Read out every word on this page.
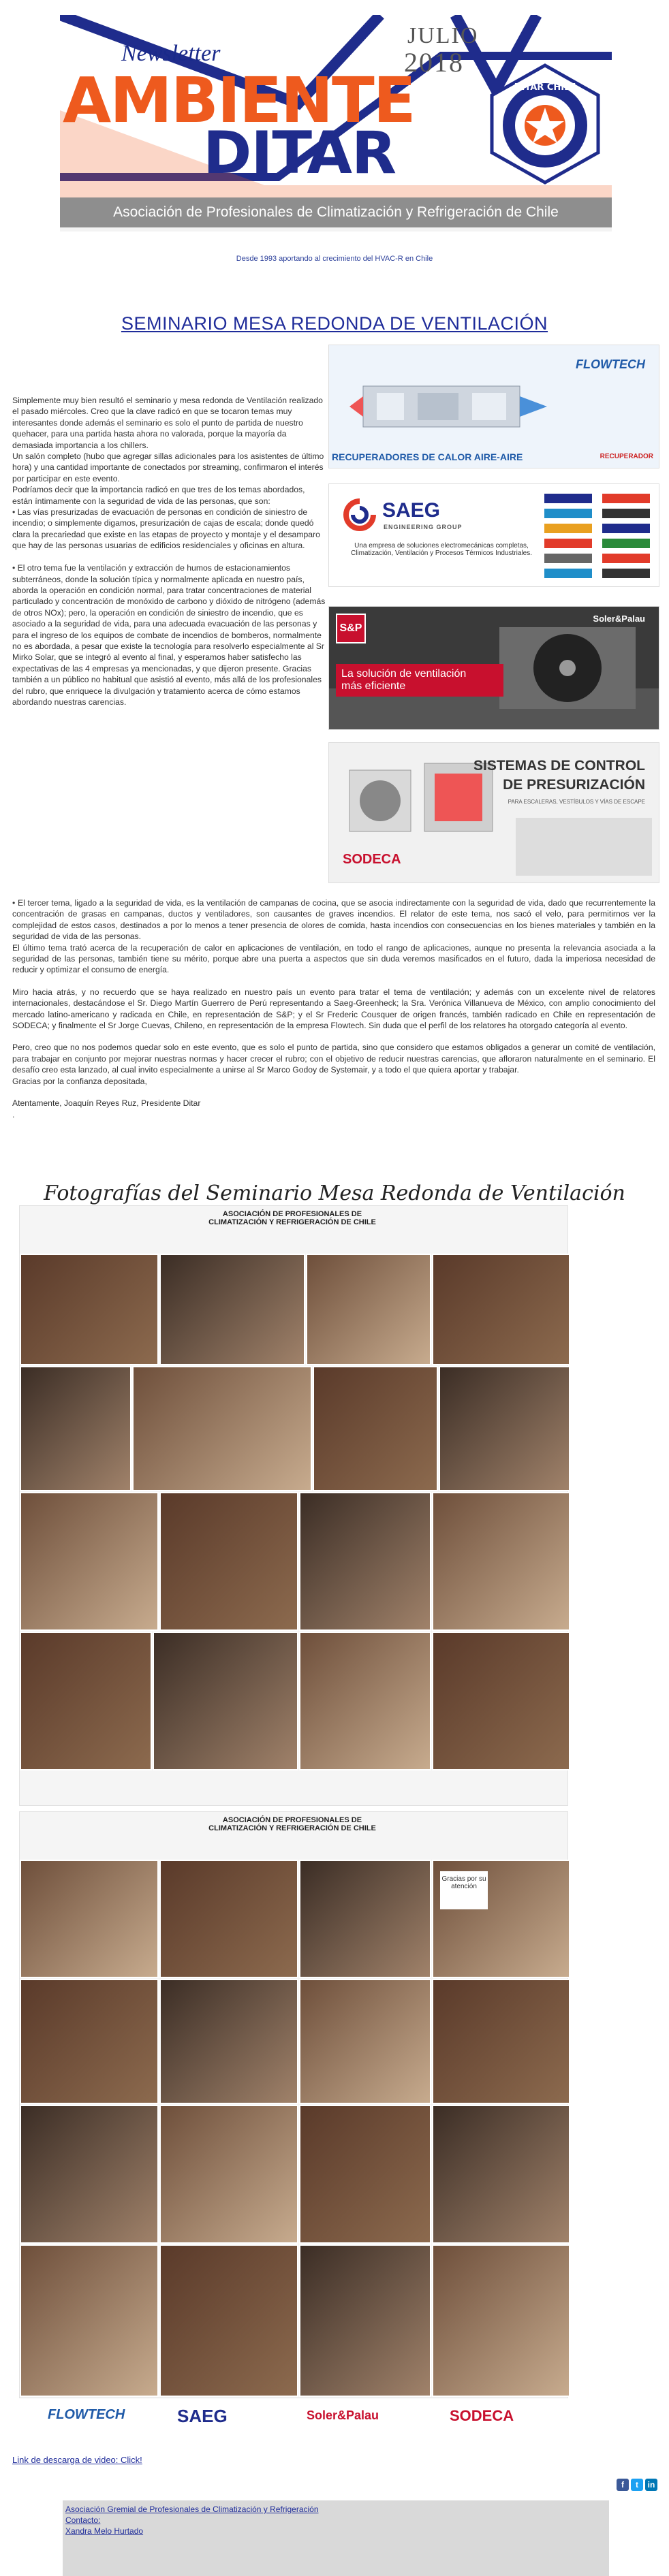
Newsletter
JULIO
2018
AMBIENTE
DITAR
DITAR CHILE
Asociación de Profesionales de Climatización y Refrigeración de Chile
Desde 1993 aportando al crecimiento del HVAC-R en Chile
SEMINARIO MESA REDONDA DE VENTILACIÓN

Simplemente muy bien resultó el seminario y mesa redonda de Ventilación realizado el pasado miércoles. Creo que la clave radicó en que se tocaron temas muy interesantes donde además el seminario es solo el punto de partida de nuestro quehacer, para una partida hasta ahora no valorada, porque la mayoría da demasiada importancia a los chillers.
Un salón completo (hubo que agregar sillas adicionales para los asistentes de último hora) y una cantidad importante de conectados por streaming, confirmaron el interés por participar en este evento.
Podríamos decir que la importancia radicó en que tres de los temas abordados, están íntimamente con la seguridad de vida de las personas, que son:
• Las vías presurizadas de evacuación de personas en condición de siniestro de incendio; o simplemente digamos, presurización de cajas de escala; donde quedó clara la precariedad que existe en las etapas de proyecto y montaje y el desamparo que hay de las personas usuarias de edificios residenciales y oficinas en altura.

• El otro tema fue la ventilación y extracción de humos de estacionamientos subterráneos, donde la solución típica y normalmente aplicada en nuestro país, aborda la operación en condición normal, para tratar concentraciones de material particulado y concentración de monóxido de carbono y dióxido de nitrógeno (además de otros NOx); pero, la operación en condición de siniestro de incendio, que es asociado a la seguridad de vida, para una adecuada evacuación de las personas y para el ingreso de los equipos de combate de incendios de bomberos, normalmente no es abordada, a pesar que existe la tecnología para resolverlo especialmente al Sr Mirko Solar, que se integró al evento al final, y esperamos haber satisfecho las expectativas de las 4 empresas ya mencionadas, y que dijeron presente. Gracias también a un público no habitual que asistió al evento, más allá de los profesionales del rubro, que enriquece la divulgación y tratamiento acerca de cómo estamos abordando nuestras carencias.

FLOWTECH
RECUPERADORES DE CALOR AIRE-AIRE	RECUPERADOR
SAEG
ENGINEERING GROUP
Una empresa de soluciones electromecánicas completas, Climatización, Ventilación y Procesos Térmicos Industriales.
S&P
Soler&Palau
La solución de ventilación
más eficiente
SISTEMAS DE CONTROL
DE PRESURIZACIÓN
PARA ESCALERAS, VESTÍBULOS Y VÍAS DE ESCAPE
SODECA

• El tercer tema, ligado a la seguridad de vida, es la ventilación de campanas de cocina, que se asocia indirectamente con la seguridad de vida, dado que recurrentemente la concentración de grasas en campanas, ductos y ventiladores, son causantes de graves incendios. El relator de este tema, nos sacó el velo, para permitirnos ver la complejidad de estos casos, destinados a por lo menos a tener presencia de olores de comida, hasta incendios con consecuencias en los bienes materiales y también en la seguridad de vida de las personas.

El último tema trató acerca de la recuperación de calor en aplicaciones de ventilación, en todo el rango de aplicaciones, aunque no presenta la relevancia asociada a la seguridad de las personas, también tiene su mérito, porque abre una puerta a aspectos que sin duda veremos masificados en el futuro, dada la imperiosa necesidad de reducir y optimizar el consumo de energía.

Miro hacia atrás, y no recuerdo que se haya realizado en nuestro país un evento para tratar el tema de ventilación; y además con un excelente nivel de relatores internacionales, destacándose el Sr. Diego Martín Guerrero de Perú representando a Saeg-Greenheck; la Sra. Verónica Villanueva de México, con amplio conocimiento del mercado latino-americano y radicada en Chile, en representación de S&P; y el Sr Frederic Cousquer de origen francés, también radicado en Chile en representación de SODECA; y finalmente el Sr Jorge Cuevas, Chileno, en representación de la empresa Flowtech. Sin duda que el perfil de los relatores ha otorgado categoría al evento.

Pero, creo que no nos podemos quedar solo en este evento, que es solo el punto de partida, sino que considero que estamos obligados a generar un comité de ventilación, para trabajar en conjunto por mejorar nuestras normas y hacer crecer el rubro; con el objetivo de reducir nuestras carencias, que afloraron naturalmente en el seminario. El desafío creo esta lanzado, al cual invito especialmente a unirse al Sr Marco Godoy de Systemair, y a todo el que quiera aportar y trabajar.

Gracias por la confianza depositada,

Atentamente, Joaquín Reyes Ruz, Presidente Ditar

.

Fotografías del Seminario Mesa Redonda de Ventilación
ASOCIACIÓN DE PROFESIONALES DE
CLIMATIZACIÓN Y REFRIGERACIÓN DE CHILE
ASOCIACIÓN DE PROFESIONALES DE
CLIMATIZACIÓN Y REFRIGERACIÓN DE CHILE
Gracias por su atención
FLOWTECH	SAEG	Soler&Palau	SODECA
Link de descarga de video: Click!
f	t	in
Asociación Gremial de Profesionales de Climatización y Refrigeración
Contacto:
Xandra Melo Hurtado
